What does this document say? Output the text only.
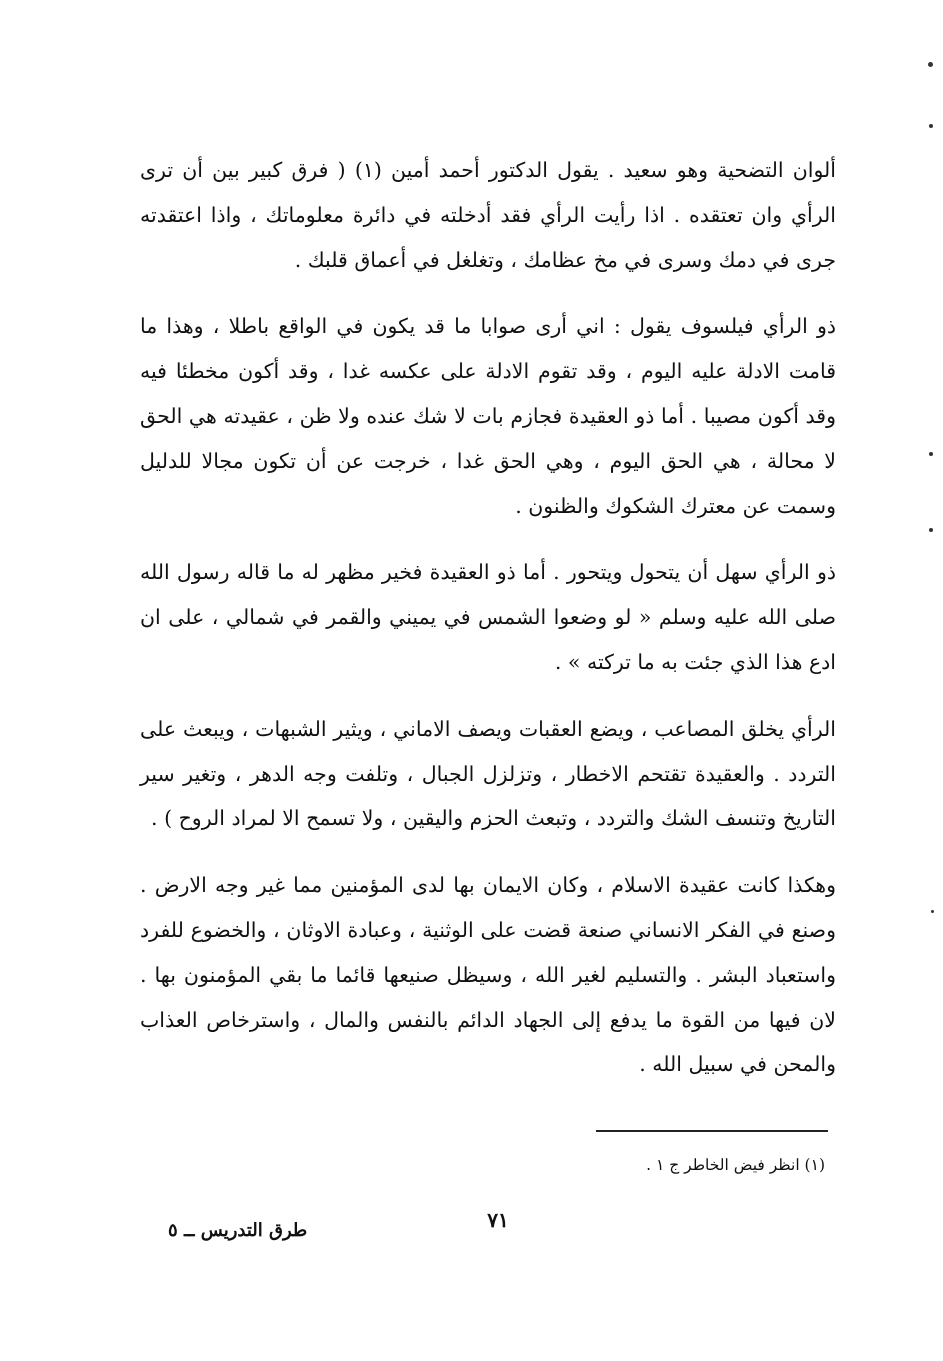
ألوان التضحية وهو سعيد . يقول الدكتور أحمد أمين (١) ( فرق كبير بين أن ترى الرأي وان تعتقده . اذا رأيت الرأي فقد أدخلته في دائرة معلوماتك ، واذا اعتقدته جرى في دمك وسرى في مخ عظامك ، وتغلغل في أعماق قلبك .

ذو الرأي فيلسوف يقول : اني أرى صوابا ما قد يكون في الواقع باطلا ، وهذا ما قامت الادلة عليه اليوم ، وقد تقوم الادلة على عكسه غدا ، وقد أكون مخطئا فيه وقد أكون مصيبا . أما ذو العقيدة فجازم بات لا شك عنده ولا ظن ، عقيدته هي الحق لا محالة ، هي الحق اليوم ، وهي الحق غدا ، خرجت عن أن تكون مجالا للدليل وسمت عن معترك الشكوك والظنون .

ذو الرأي سهل أن يتحول ويتحور . أما ذو العقيدة فخير مظهر له ما قاله رسول الله صلى الله عليه وسلم « لو وضعوا الشمس في يميني والقمر في شمالي ، على ان ادع هذا الذي جئت به ما تركته » .

الرأي يخلق المصاعب ، ويضع العقبات ويصف الاماني ، ويثير الشبهات ، ويبعث على التردد . والعقيدة تقتحم الاخطار ، وتزلزل الجبال ، وتلفت وجه الدهر ، وتغير سير التاريخ وتنسف الشك والتردد ، وتبعث الحزم واليقين ، ولا تسمح الا لمراد الروح ) .

وهكذا كانت عقيدة الاسلام ، وكان الايمان بها لدى المؤمنين مما غير وجه الارض . وصنع في الفكر الانساني صنعة قضت على الوثنية ، وعبادة الاوثان ، والخضوع للفرد واستعباد البشر . والتسليم لغير الله ، وسيظل صنيعها قائما ما بقي المؤمنون بها . لان فيها من القوة ما يدفع إلى الجهاد الدائم بالنفس والمال ، واسترخاص العذاب والمحن في سبيل الله .

(١) انظر فيض الخاطر ج ١ .
٧١
طرق التدريس ــ ٥
